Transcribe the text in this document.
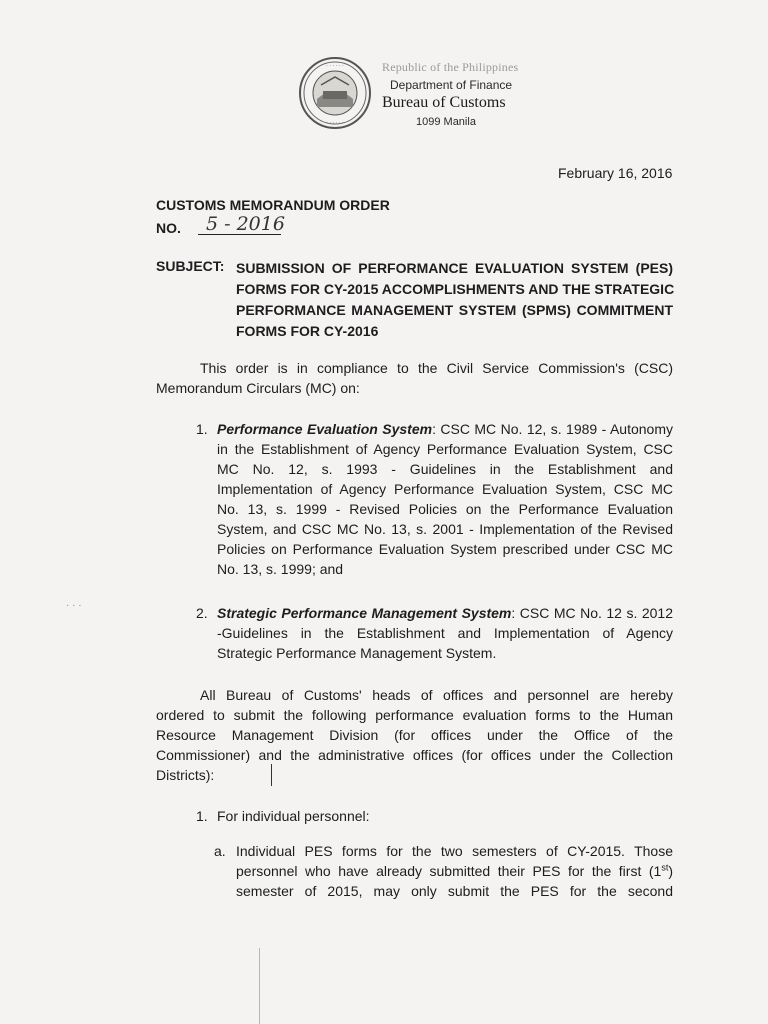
· · · · · ·
· · · · · ·
Republic of the Philippines
Department of Finance
Bureau of Customs
1099 Manila
February 16, 2016
CUSTOMS MEMORANDUM ORDER
NO.	5 - 2016
SUBJECT: SUBMISSION OF PERFORMANCE EVALUATION SYSTEM (PES)
FORMS FOR CY-2015 ACCOMPLISHMENTS AND THE STRATEGIC
PERFORMANCE MANAGEMENT SYSTEM (SPMS) COMMITMENT
FORMS FOR CY-2016
This order is in compliance to the Civil Service Commission's (CSC)
Memorandum Circulars (MC) on:
1. Performance Evaluation System: CSC MC No. 12, s. 1989 - Autonomy
in the Establishment of Agency Performance Evaluation System, CSC
MC No. 12, s. 1993 - Guidelines in the Establishment and
Implementation of Agency Performance Evaluation System, CSC MC
No. 13, s. 1999 - Revised Policies on the Performance Evaluation
System, and CSC MC No. 13, s. 2001 - Implementation of the Revised
Policies on Performance Evaluation System prescribed under CSC MC
No. 13, s. 1999; and
2. Strategic Performance Management System: CSC MC No. 12 s. 2012
-Guidelines in the Establishment and Implementation of Agency
Strategic Performance Management System.
All Bureau of Customs' heads of offices and personnel are hereby
ordered to submit the following performance evaluation forms to the Human
Resource Management Division (for offices under the Office of the
Commissioner) and the administrative offices (for offices under the Collection
Districts):
1. For individual personnel:
a. Individual PES forms for the two semesters of CY-2015. Those
personnel who have already submitted their PES for the first (1st)
semester of 2015, may only submit the PES for the second
· · ·
